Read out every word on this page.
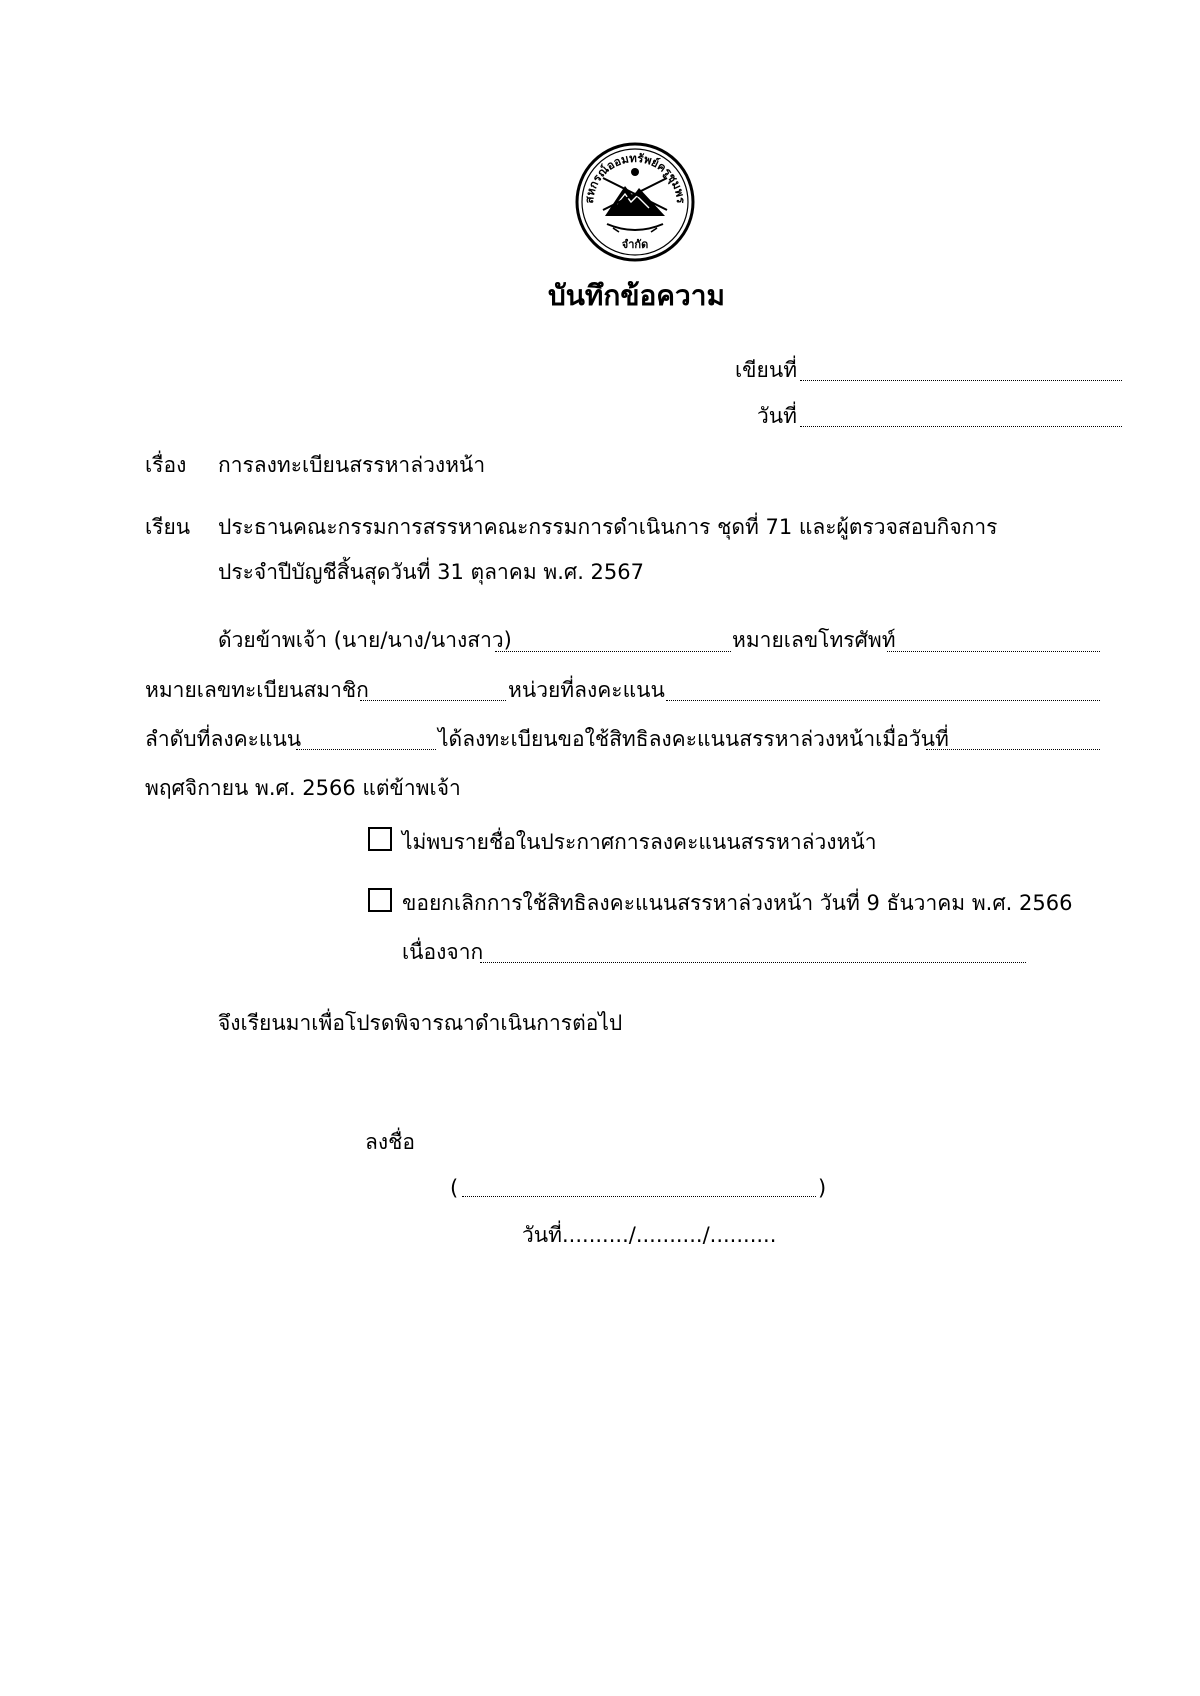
สหกรณ์ออมทรัพย์ครูชุมพร
จำกัด
บันทึกข้อความ
เขียนที่
วันที่
เรื่อง การลงทะเบียนสรรหาล่วงหน้า
เรียน ประธานคณะกรรมการสรรหาคณะกรรมการดำเนินการ ชุดที่ 71 และผู้ตรวจสอบกิจการ
ประจำปีบัญชีสิ้นสุดวันที่ 31 ตุลาคม พ.ศ. 2567
ด้วยข้าพเจ้า (นาย/นาง/นางสาว)	หมายเลขโทรศัพท์
หมายเลขทะเบียนสมาชิก	หน่วยที่ลงคะแนน
ลำดับที่ลงคะแนน	ได้ลงทะเบียนขอใช้สิทธิลงคะแนนสรรหาล่วงหน้าเมื่อวันที่
พฤศจิกายน พ.ศ. 2566 แต่ข้าพเจ้า
ไม่พบรายชื่อในประกาศการลงคะแนนสรรหาล่วงหน้า
ขอยกเลิกการใช้สิทธิลงคะแนนสรรหาล่วงหน้า วันที่ 9 ธันวาคม พ.ศ. 2566
เนื่องจาก
จึงเรียนมาเพื่อโปรดพิจารณาดำเนินการต่อไป
ลงชื่อ
(	)
วันที่........../........../..........
